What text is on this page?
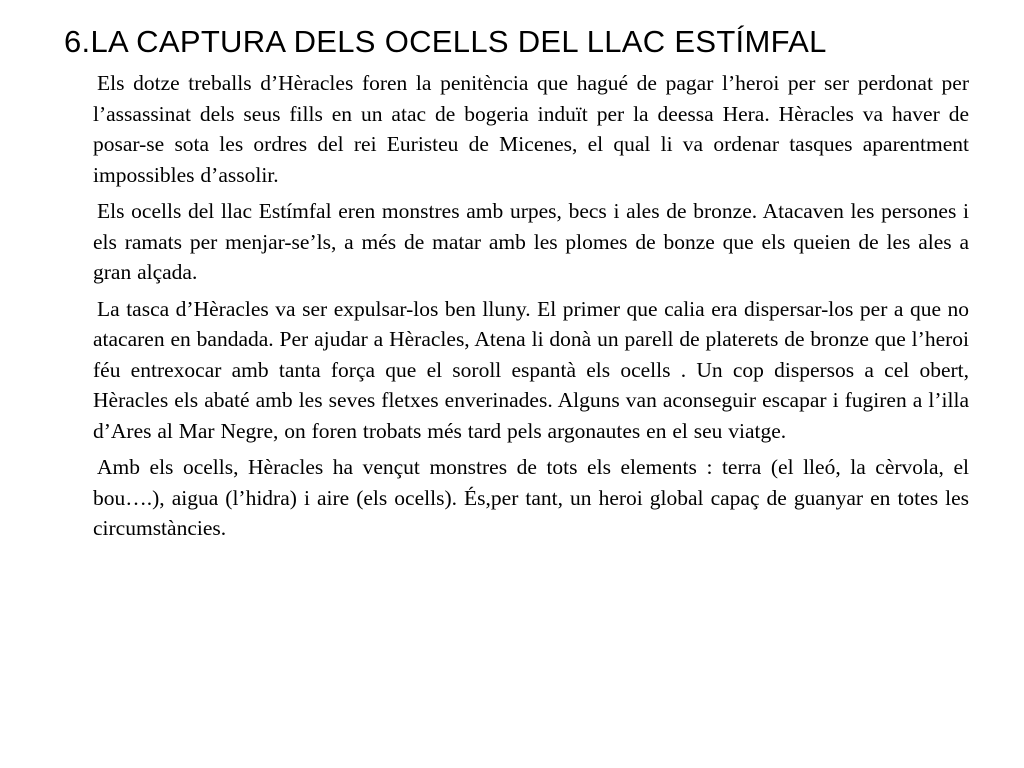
6.LA CAPTURA DELS OCELLS DEL LLAC ESTÍMFAL

Els dotze treballs d’Hèracles foren la penitència que hagué de pagar l’heroi per ser perdonat per l’assassinat dels seus fills en un atac de bogeria induït per la deessa Hera. Hèracles va haver de posar-se sota les ordres del rei Euristeu de Micenes, el qual li va ordenar tasques aparentment impossibles d’assolir.

Els ocells del llac Estímfal eren monstres amb urpes, becs i ales de bronze. Atacaven les persones i els ramats per menjar-se’ls, a més de matar amb les plomes de bonze que els queien de les ales a gran alçada.

La tasca d’Hèracles va ser expulsar-los ben lluny. El primer que calia era dispersar-los per a que no atacaren en bandada. Per ajudar a Hèracles, Atena li donà un parell de platerets de bronze que l’heroi féu entrexocar amb tanta força que el soroll espantà els ocells . Un cop dispersos a cel obert, Hèracles els abaté amb les seves fletxes enverinades. Alguns van aconseguir escapar i fugiren a l’illa d’Ares al Mar Negre, on foren trobats més tard pels argonautes en el seu viatge.

Amb els ocells, Hèracles ha vençut monstres de tots els elements : terra (el lleó, la cèrvola, el bou….), aigua (l’hidra) i aire (els ocells). És,per tant, un heroi global capaç de guanyar en totes les circumstàncies.
